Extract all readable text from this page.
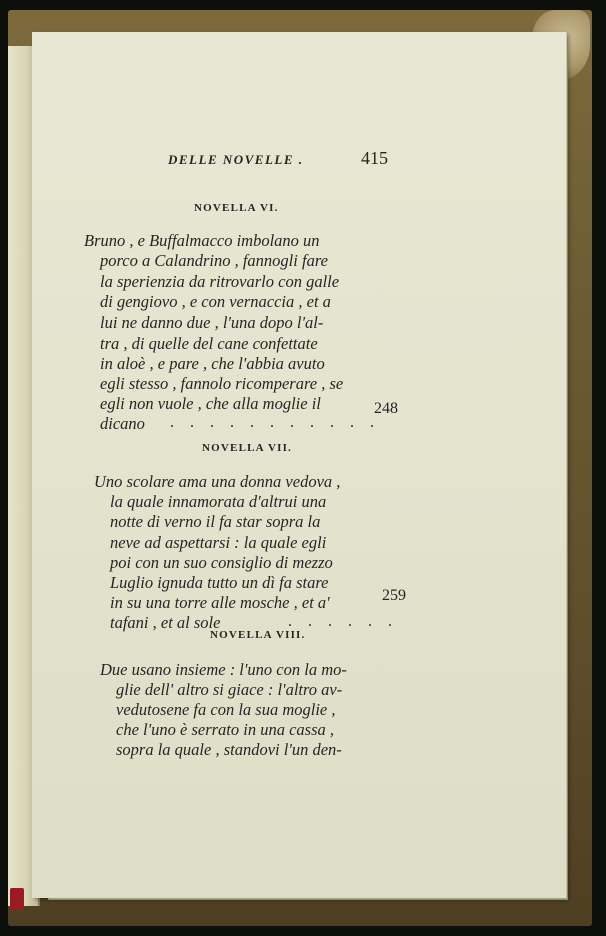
DELLE NOVELLE .	415
NOVELLA VI.
Bruno , e Buffalmacco imbolano un
porco a Calandrino , fannogli fare
la sperienzia da ritrovarlo con galle
di gengiovo , e con vernaccia , et a
lui ne danno due , l'una dopo l'al-
tra , di quelle del cane confettate
in aloè , e pare , che l'abbia avuto
egli stesso , fannolo ricomperare , se
egli non vuole , che alla moglie il
dicano . . . . . . . . . . .
248
NOVELLA VII.
Uno scolare ama una donna vedova ,
la quale innamorata d'altrui una
notte di verno il fa star sopra la
neve ad aspettarsi : la quale egli
poi con un suo consiglio di mezzo
Luglio ignuda tutto un dì fa stare
in su una torre alle mosche , et a'
tafani , et al sole	. . . . . .
259
NOVELLA VIII.
Due usano insieme : l'uno con la mo-
glie dell' altro si giace : l'altro av-
vedutosene fa con la sua moglie ,
che l'uno è serrato in una cassa ,
sopra la quale , standovi l'un den-
